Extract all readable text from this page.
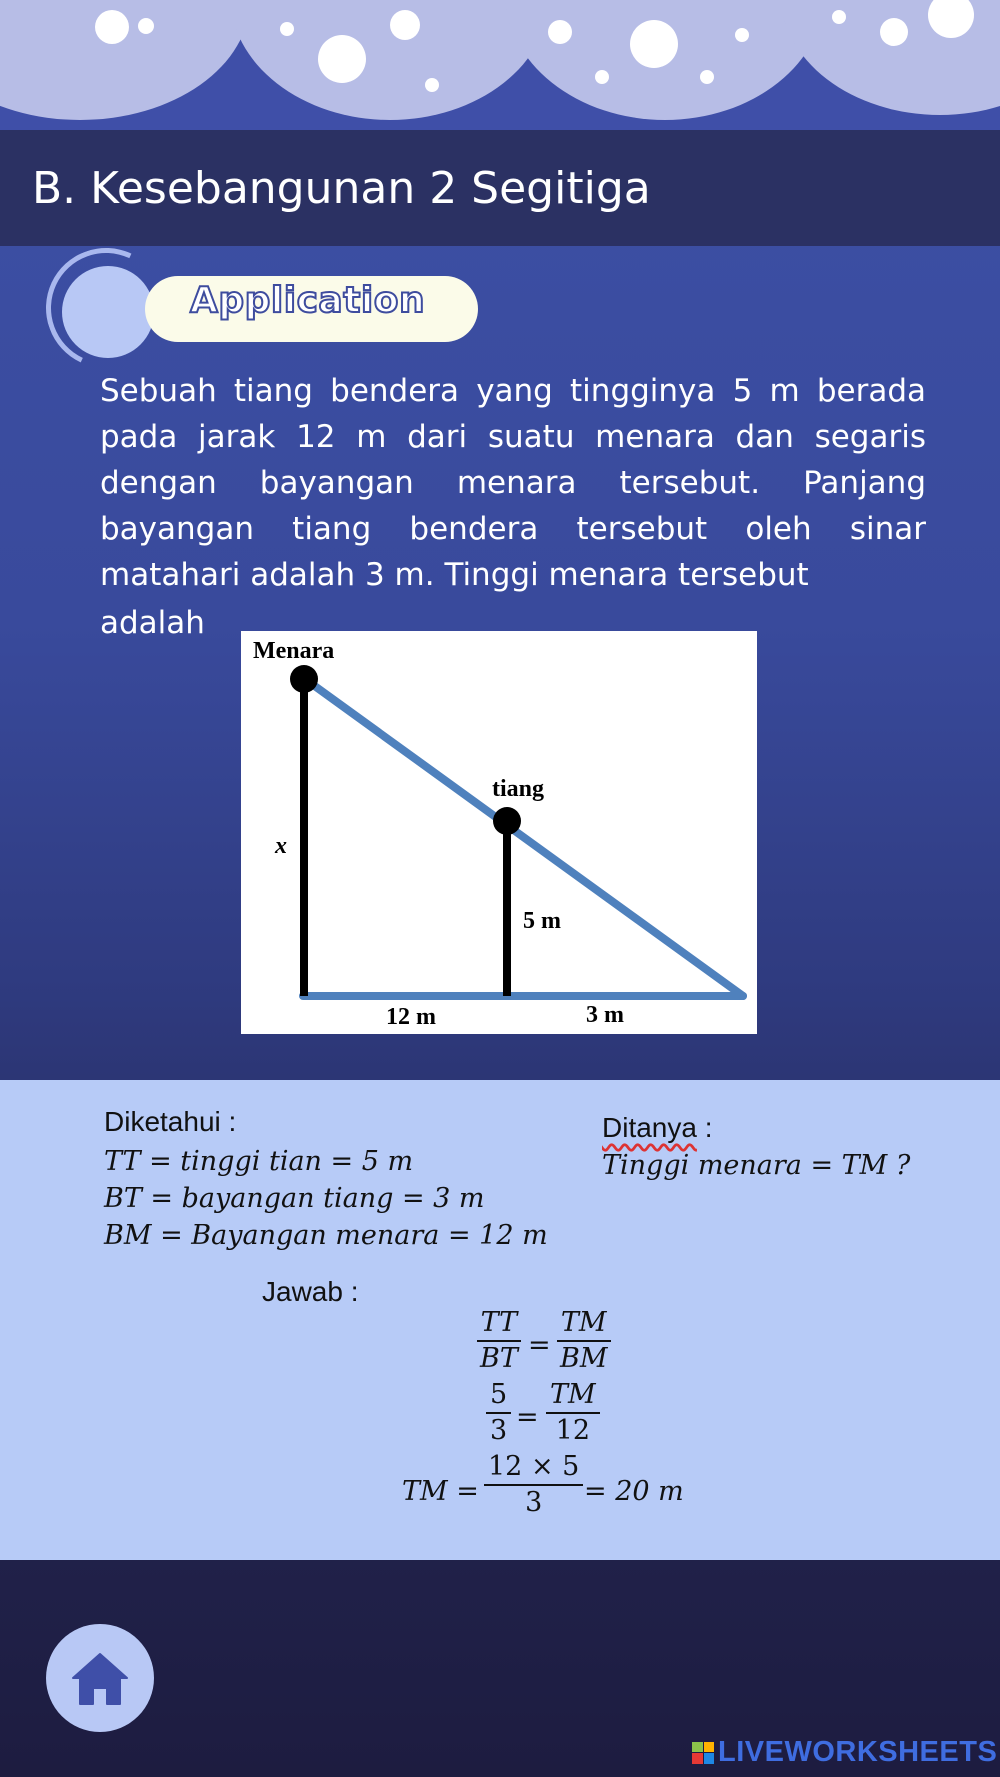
B. Kesebangunan 2 Segitiga
Application
Sebuah tiang bendera yang tingginya 5 m berada pada jarak 12 m dari suatu menara dan segaris dengan bayangan menara tersebut. Panjang bayangan tiang bendera tersebut oleh sinar matahari adalah 3 m. Tinggi menara tersebut
adalah
Menara
tiang
x
5 m
12 m	3 m
Diketahui :
TT = tinggi tian = 5 m
BT = bayangan tiang = 3 m
BM = Bayangan menara = 12 m
Ditanya :
Tinggi menara = TM ?
Jawab :
$\frac{TT}{BT} = \frac{TM}{BM}$
$\frac{5}{3} = \frac{TM}{12}$
TM = $\frac{12 \times 5}{3} = 20$ m
LIVEWORKSHEETS
